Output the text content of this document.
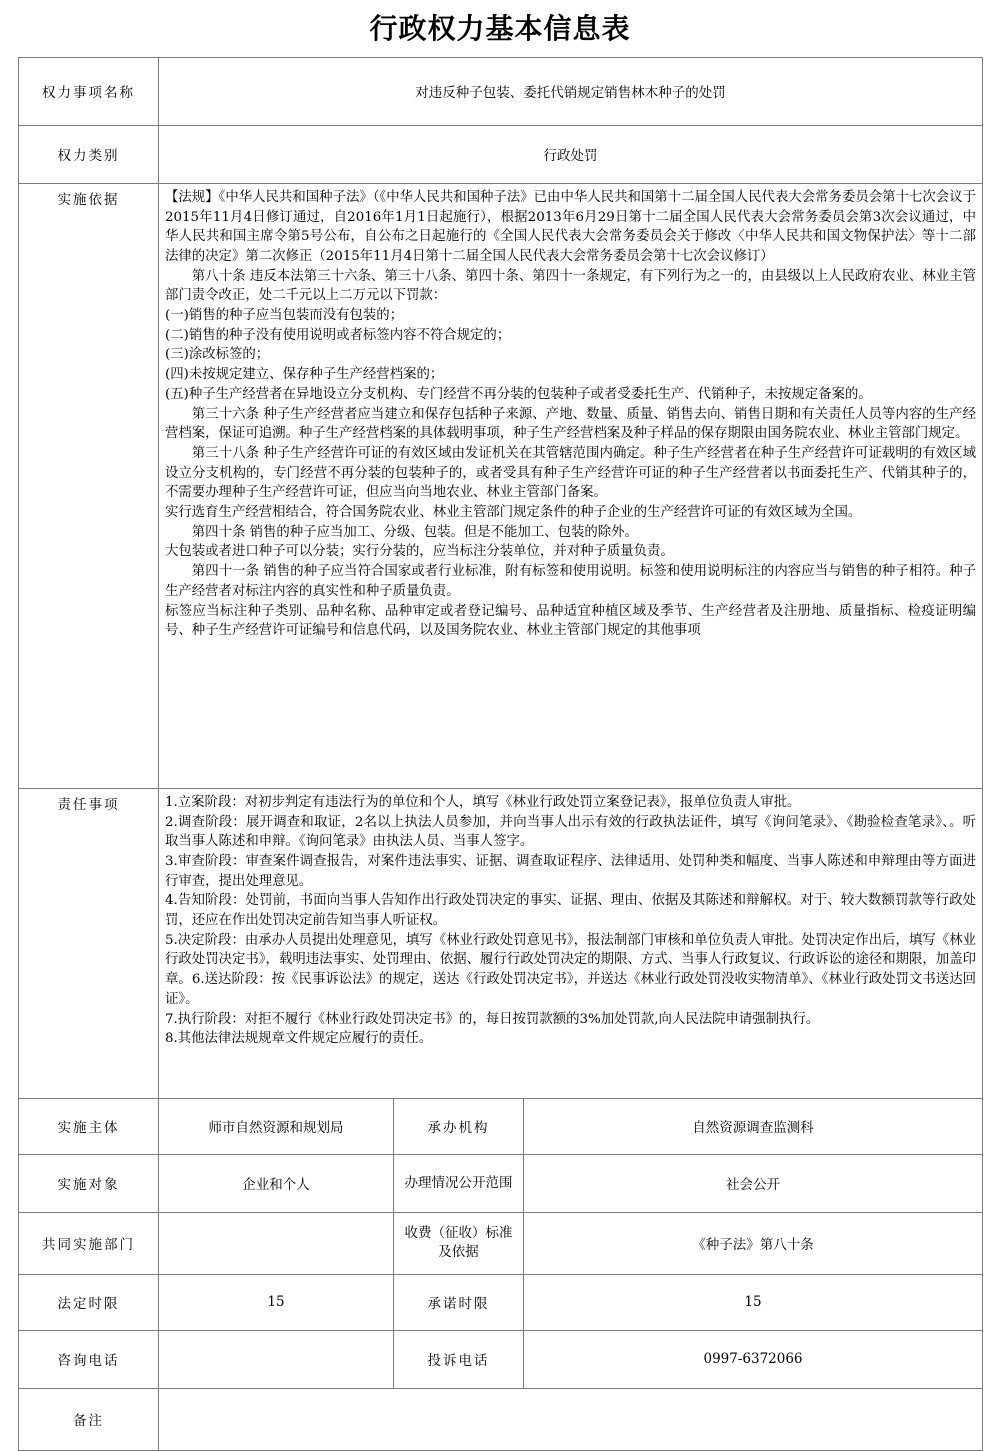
行政权力基本信息表
权力事项名称	对违反种子包装、委托代销规定销售林木种子的处罚		
权力类别	行政处罚		
实施依据	【法规】《中华人民共和国种子法》（《中华人民共和国种子法》已由中华人民共和国第十二届全国人民代表大会常务委员会第十七次会议于2015年11月4日修订通过，自2016年1月1日起施行），根据2013年6月29日第十二届全国人民代表大会常务委员会第3次会议通过，中华人民共和国主席令第5号公布，自公布之日起施行的《全国人民代表大会常务委员会关于修改〈中华人民共和国文物保护法〉等十二部法律的决定》第二次修正（2015年11月4日第十二届全国人民代表大会常务委员会第十七次会议修订）

第八十条 违反本法第三十六条、第三十八条、第四十条、第四十一条规定，有下列行为之一的，由县级以上人民政府农业、林业主管部门责令改正，处二千元以上二万元以下罚款：

(一)销售的种子应当包装而没有包装的；

(二)销售的种子没有使用说明或者标签内容不符合规定的；

(三)涂改标签的；

(四)未按规定建立、保存种子生产经营档案的；

(五)种子生产经营者在异地设立分支机构、专门经营不再分装的包装种子或者受委托生产、代销种子，未按规定备案的。

第三十六条 种子生产经营者应当建立和保存包括种子来源、产地、数量、质量、销售去向、销售日期和有关责任人员等内容的生产经营档案，保证可追溯。种子生产经营档案的具体载明事项，种子生产经营档案及种子样品的保存期限由国务院农业、林业主管部门规定。

第三十八条 种子生产经营许可证的有效区域由发证机关在其管辖范围内确定。种子生产经营者在种子生产经营许可证载明的有效区域设立分支机构的，专门经营不再分装的包装种子的，或者受具有种子生产经营许可证的种子生产经营者以书面委托生产、代销其种子的，不需要办理种子生产经营许可证，但应当向当地农业、林业主管部门备案。

实行选育生产经营相结合，符合国务院农业、林业主管部门规定条件的种子企业的生产经营许可证的有效区域为全国。

第四十条 销售的种子应当加工、分级、包装。但是不能加工、包装的除外。

大包装或者进口种子可以分装；实行分装的，应当标注分装单位，并对种子质量负责。

第四十一条 销售的种子应当符合国家或者行业标准，附有标签和使用说明。标签和使用说明标注的内容应当与销售的种子相符。种子生产经营者对标注内容的真实性和种子质量负责。

标签应当标注种子类别、品种名称、品种审定或者登记编号、品种适宜种植区域及季节、生产经营者及注册地、质量指标、检疫证明编号、种子生产经营许可证编号和信息代码，以及国务院农业、林业主管部门规定的其他事项

责任事项	1.立案阶段：对初步判定有违法行为的单位和个人，填写《林业行政处罚立案登记表》，报单位负责人审批。

2.调查阶段：展开调查和取证，2名以上执法人员参加，并向当事人出示有效的行政执法证件，填写《询问笔录》、《勘验检查笔录》、。听取当事人陈述和申辩。《询问笔录》由执法人员、当事人签字。

3.审查阶段：审查案件调查报告，对案件违法事实、证据、调查取证程序、法律适用、处罚种类和幅度、当事人陈述和申辩理由等方面进行审查，提出处理意见。

4.告知阶段：处罚前，书面向当事人告知作出行政处罚决定的事实、证据、理由、依据及其陈述和辩解权。对于、较大数额罚款等行政处罚，还应在作出处罚决定前告知当事人听证权。

5.决定阶段：由承办人员提出处理意见，填写《林业行政处罚意见书》，报法制部门审核和单位负责人审批。处罚决定作出后，填写《林业行政处罚决定书》，载明违法事实、处罚理由、依据、履行行政处罚决定的期限、方式、当事人行政复议、行政诉讼的途径和期限，加盖印章。6.送达阶段：按《民事诉讼法》的规定，送达《行政处罚决定书》，并送达《林业行政处罚没收实物清单》、《林业行政处罚文书送达回证》。

7.执行阶段：对拒不履行《林业行政处罚决定书》的，每日按罚款额的3%加处罚款,向人民法院申请强制执行。

8.其他法律法规规章文件规定应履行的责任。

实施主体	师市自然资源和规划局	承办机构	自然资源调查监测科
实施对象	企业和个人	办理情况公开范围	社会公开
共同实施部门		收费（征收）标准及依据	《种子法》第八十条
法定时限	15	承诺时限	15
咨询电话		投诉电话	0997-6372066
备注			
